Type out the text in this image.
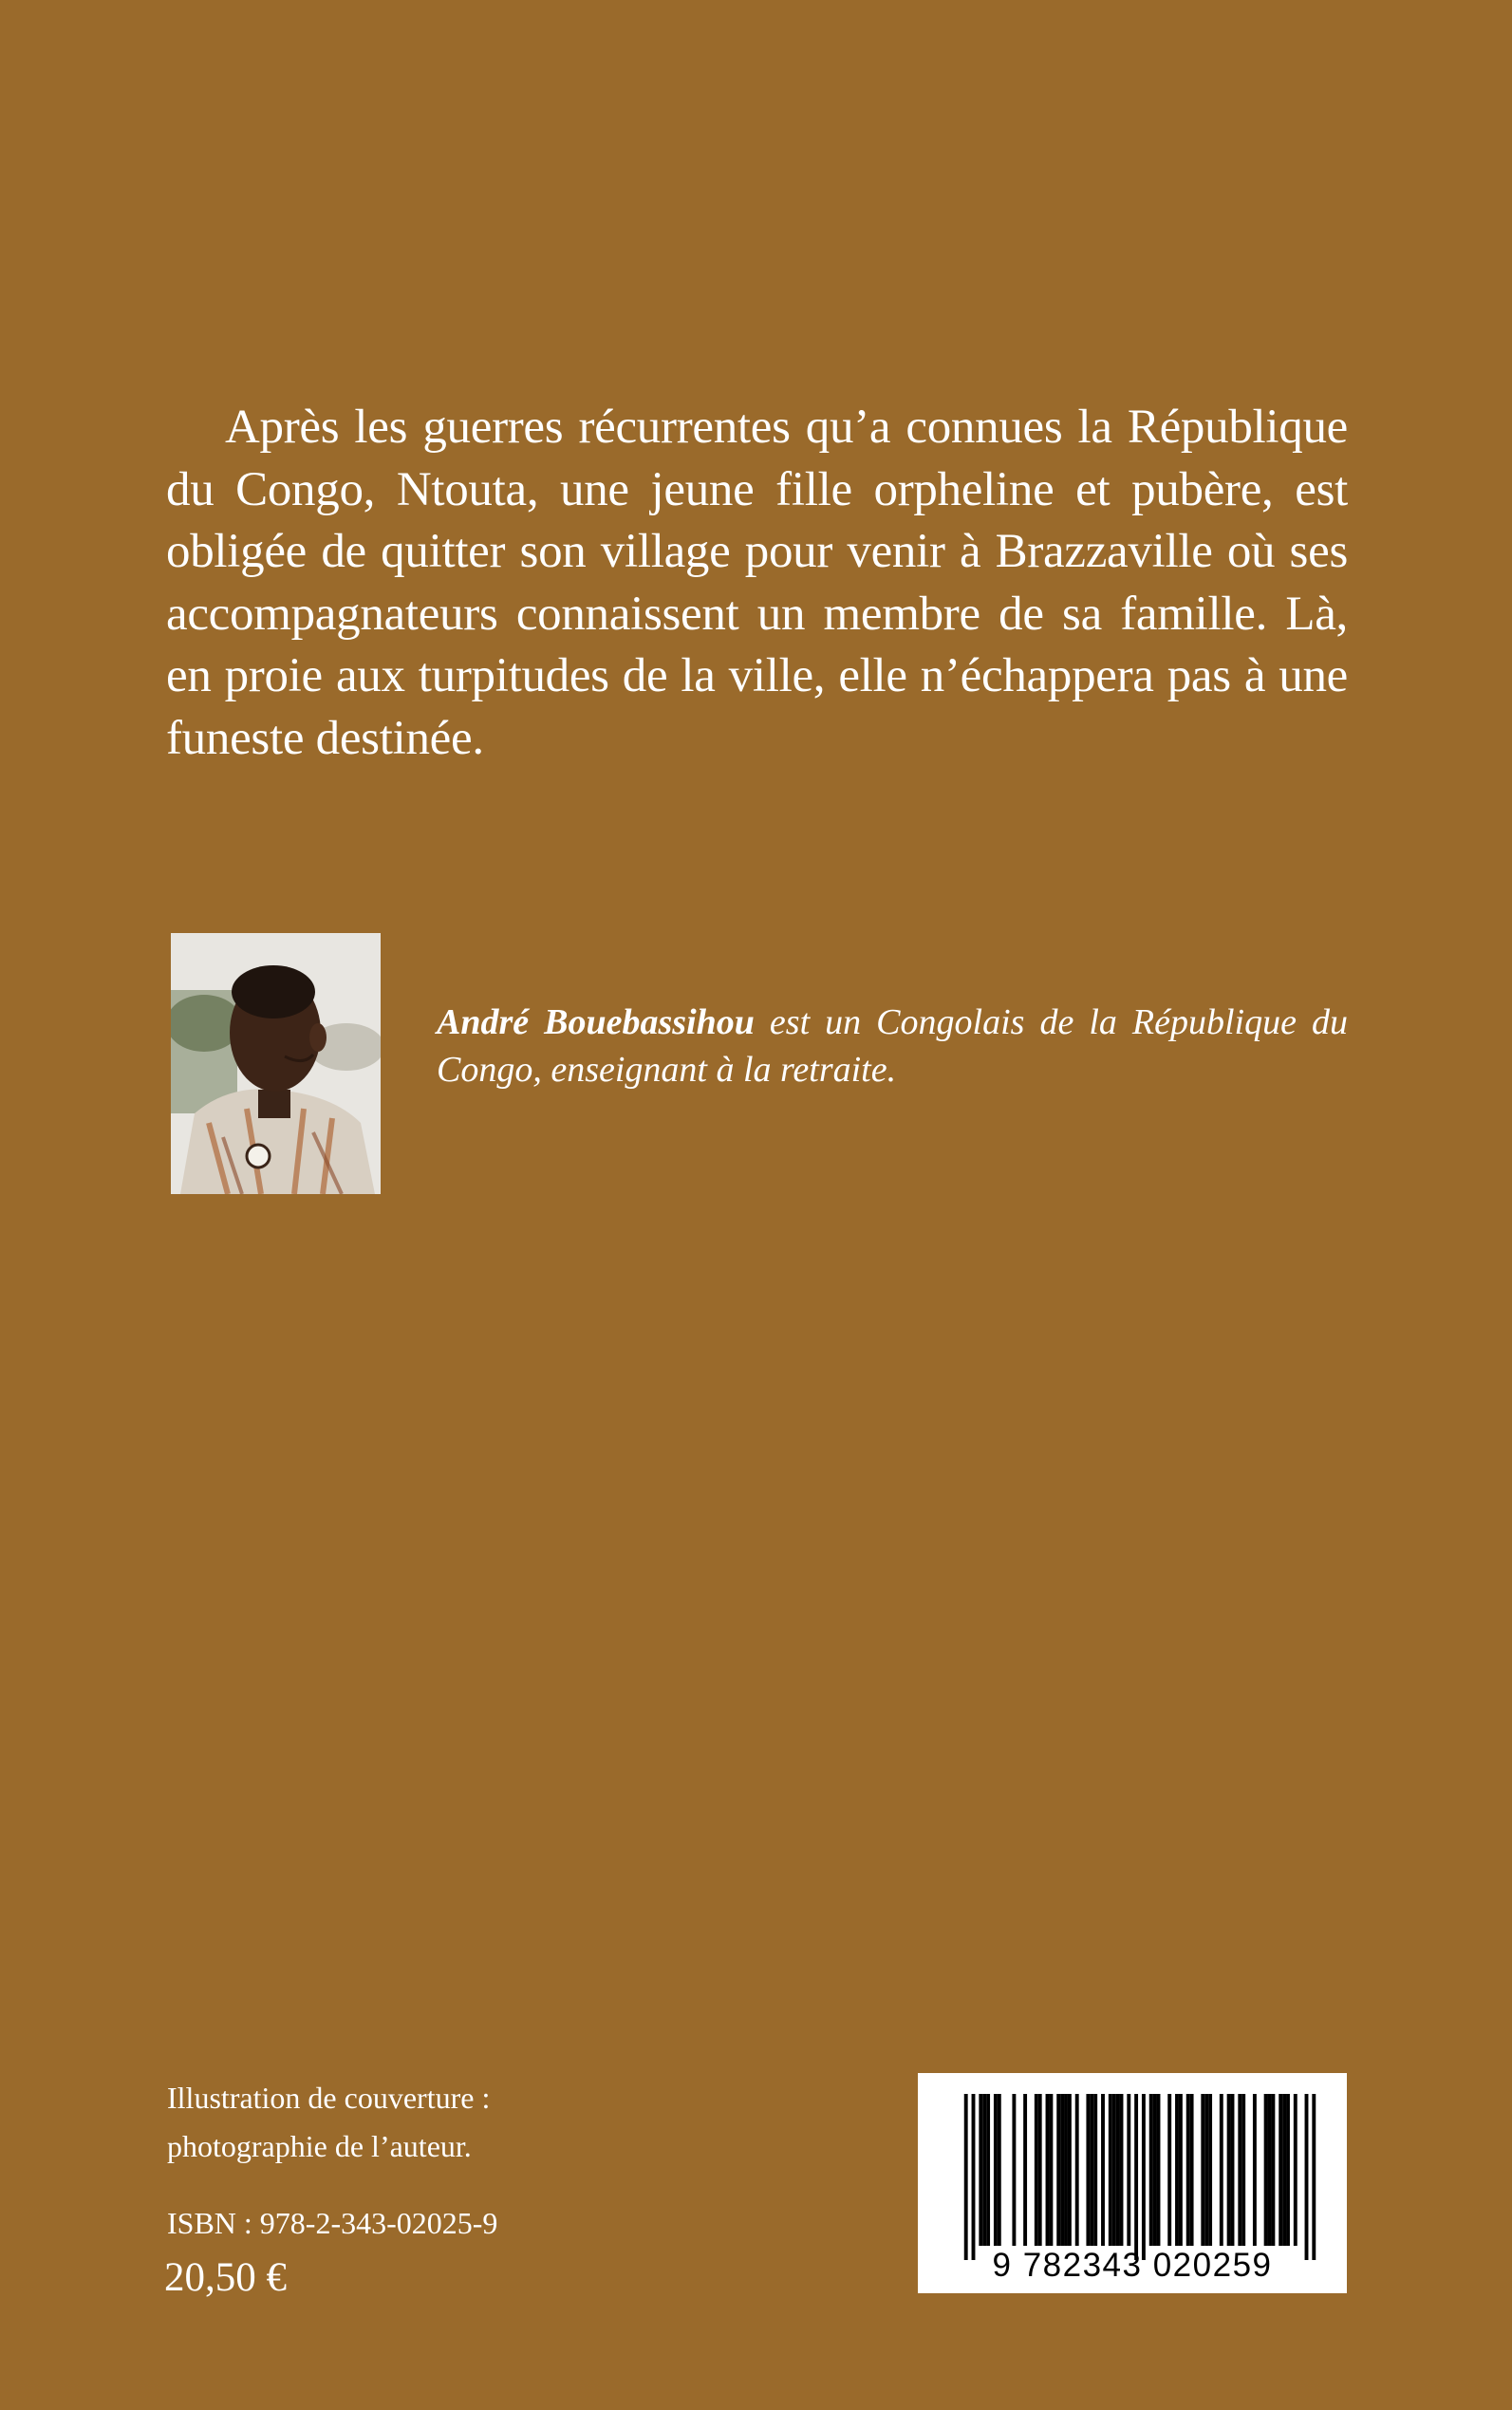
Après les guerres récurrentes qu’a connues la République du Congo, Ntouta, une jeune fille orpheline et pubère, est obligée de quitter son village pour venir à Brazzaville où ses accompagnateurs connaissent un membre de sa famille. Là, en proie aux turpitudes de la ville, elle n’échappera pas à une funeste destinée.

André Bouebassihou est un Congolais de la République du Congo, enseignant à la retraite.

Illustration de couverture :
photographie de l’auteur.

ISBN : 978-2-343-02025-9

20,50 €	9 782343 020259
